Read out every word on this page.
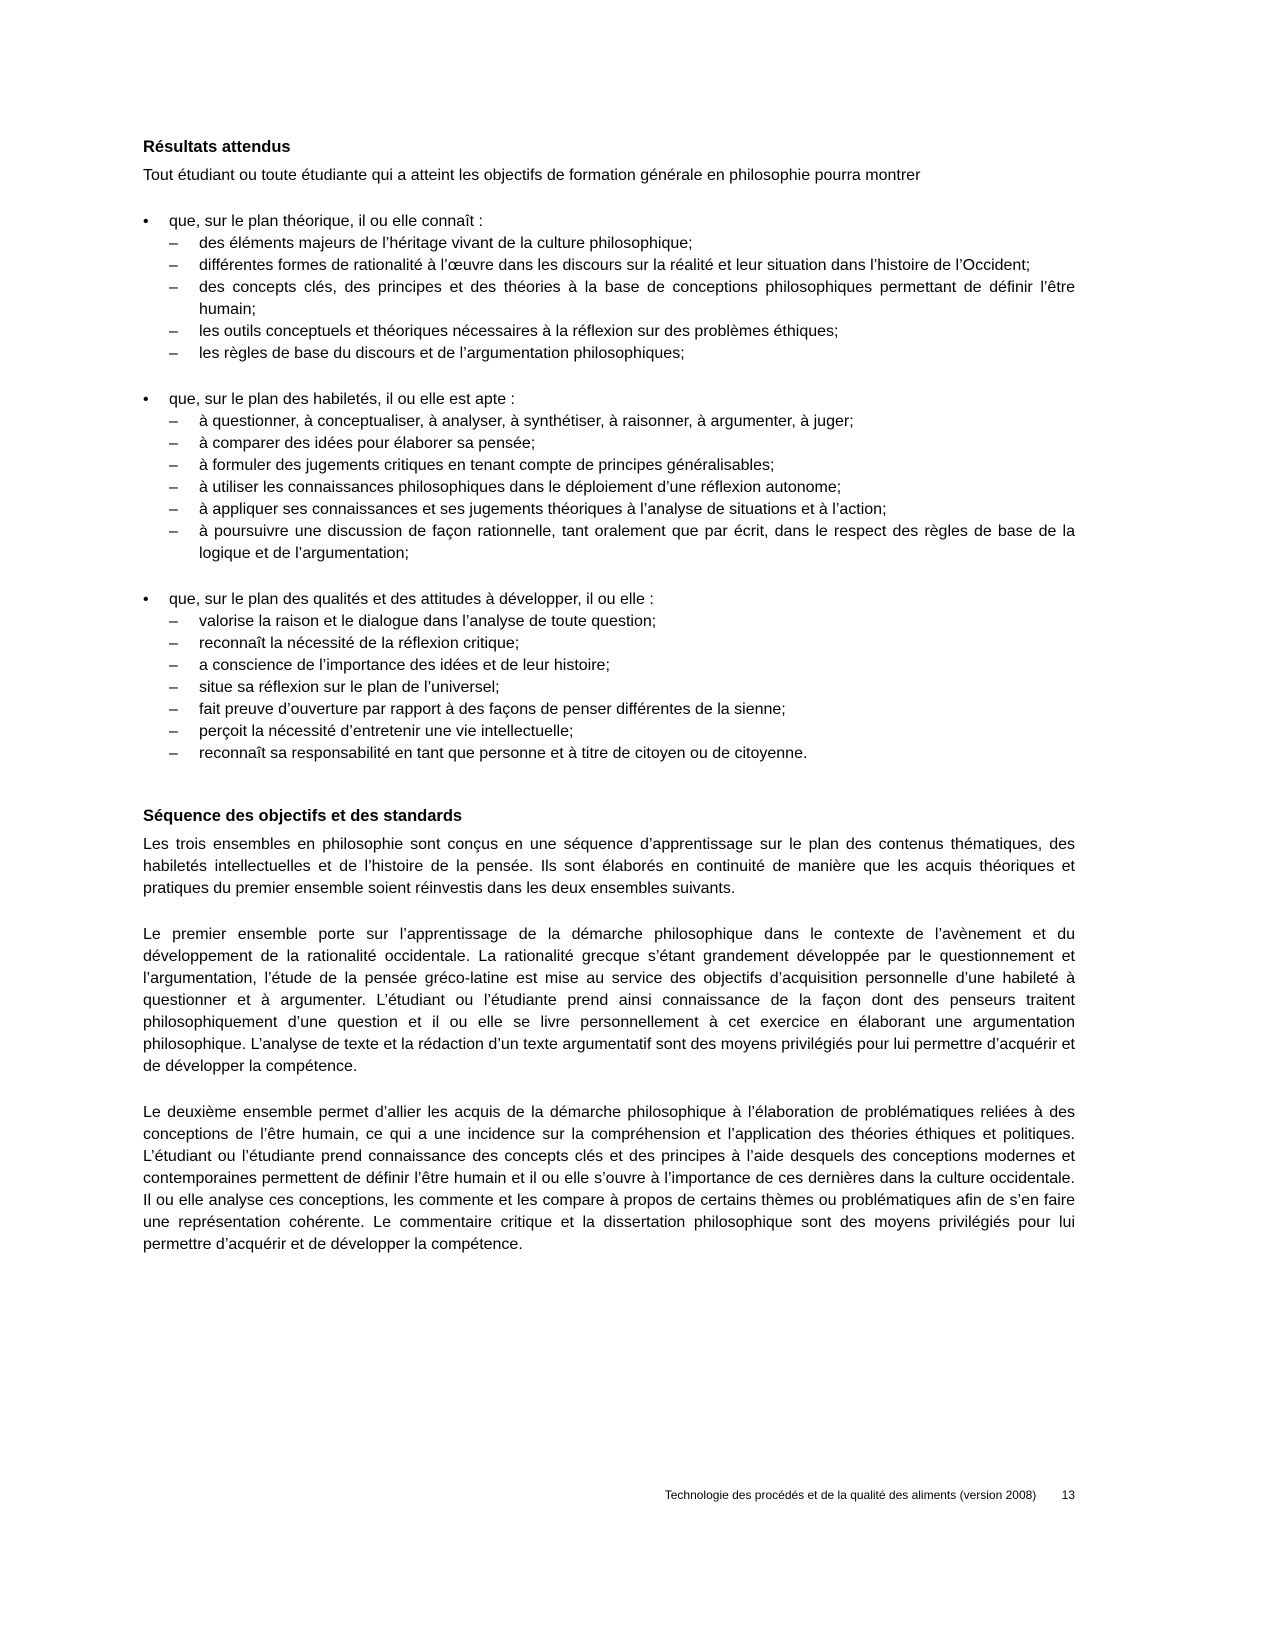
Résultats attendus

Tout étudiant ou toute étudiante qui a atteint les objectifs de formation générale en philosophie pourra montrer

•	que, sur le plan théorique, il ou elle connaît :
–	des éléments majeurs de l’héritage vivant de la culture philosophique;
–	différentes formes de rationalité à l’œuvre dans les discours sur la réalité et leur situation dans l’histoire de l’Occident;
–	des concepts clés, des principes et des théories à la base de conceptions philosophiques permettant de définir l’être humain;
–	les outils conceptuels et théoriques nécessaires à la réflexion sur des problèmes éthiques;
–	les règles de base du discours et de l’argumentation philosophiques;
•	que, sur le plan des habiletés, il ou elle est apte :
–	à questionner, à conceptualiser, à analyser, à synthétiser, à raisonner, à argumenter, à juger;
–	à comparer des idées pour élaborer sa pensée;
–	à formuler des jugements critiques en tenant compte de principes généralisables;
–	à utiliser les connaissances philosophiques dans le déploiement d’une réflexion autonome;
–	à appliquer ses connaissances et ses jugements théoriques à l’analyse de situations et à l’action;
–	à poursuivre une discussion de façon rationnelle, tant oralement que par écrit, dans le respect des règles de base de la logique et de l’argumentation;
•	que, sur le plan des qualités et des attitudes à développer, il ou elle :
–	valorise la raison et le dialogue dans l’analyse de toute question;
–	reconnaît la nécessité de la réflexion critique;
–	a conscience de l’importance des idées et de leur histoire;
–	situe sa réflexion sur le plan de l’universel;
–	fait preuve d’ouverture par rapport à des façons de penser différentes de la sienne;
–	perçoit la nécessité d’entretenir une vie intellectuelle;
–	reconnaît sa responsabilité en tant que personne et à titre de citoyen ou de citoyenne.
Séquence des objectifs et des standards

Les trois ensembles en philosophie sont conçus en une séquence d’apprentissage sur le plan des contenus thématiques, des habiletés intellectuelles et de l’histoire de la pensée. Ils sont élaborés en continuité de manière que les acquis théoriques et pratiques du premier ensemble soient réinvestis dans les deux ensembles suivants.

Le premier ensemble porte sur l’apprentissage de la démarche philosophique dans le contexte de l’avènement et du développement de la rationalité occidentale. La rationalité grecque s’étant grandement développée par le questionnement et l’argumentation, l’étude de la pensée gréco-latine est mise au service des objectifs d’acquisition personnelle d’une habileté à questionner et à argumenter. L’étudiant ou l’étudiante prend ainsi connaissance de la façon dont des penseurs traitent philosophiquement d’une question et il ou elle se livre personnellement à cet exercice en élaborant une argumentation philosophique. L’analyse de texte et la rédaction d’un texte argumentatif sont des moyens privilégiés pour lui permettre d’acquérir et de développer la compétence.

Le deuxième ensemble permet d’allier les acquis de la démarche philosophique à l’élaboration de problématiques reliées à des conceptions de l’être humain, ce qui a une incidence sur la compréhension et l’application des théories éthiques et politiques. L’étudiant ou l’étudiante prend connaissance des concepts clés et des principes à l’aide desquels des conceptions modernes et contemporaines permettent de définir l’être humain et il ou elle s’ouvre à l’importance de ces dernières dans la culture occidentale. Il ou elle analyse ces conceptions, les commente et les compare à propos de certains thèmes ou problématiques afin de s’en faire une représentation cohérente. Le commentaire critique et la dissertation philosophique sont des moyens privilégiés pour lui permettre d’acquérir et de développer la compétence.

Technologie des procédés et de la qualité des aliments (version 2008) 13
